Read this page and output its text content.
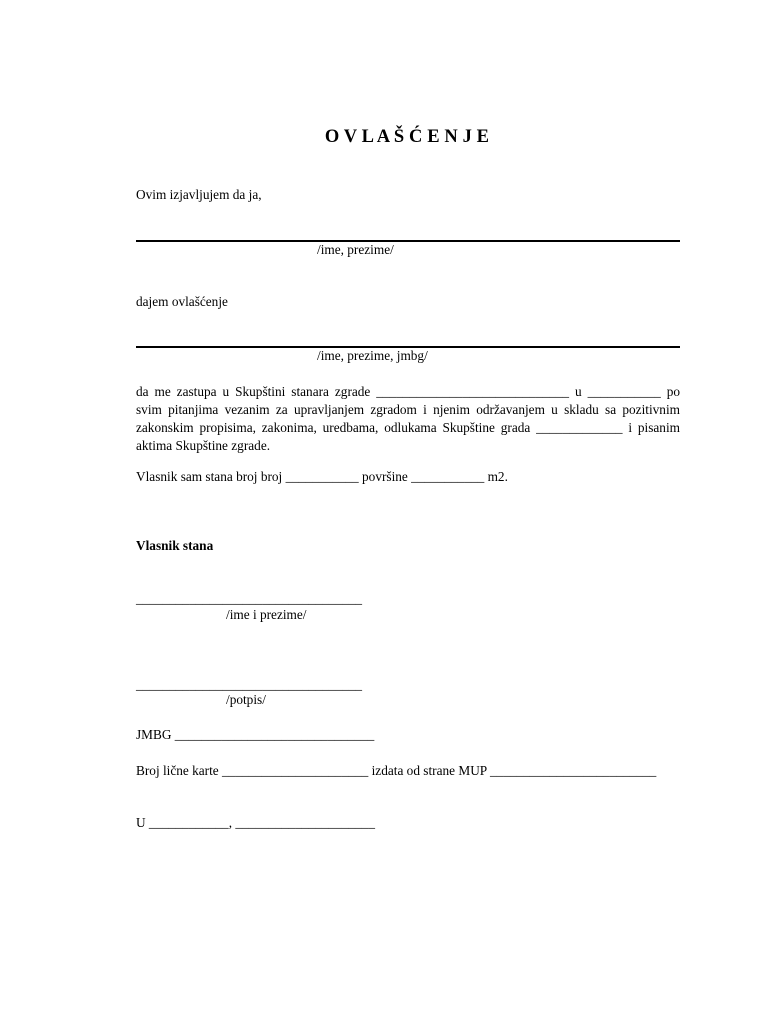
O V L A Š Ć E N J E
Ovim izjavljujem da ja,
/ime, prezime/
dajem ovlašćenje
/ime, prezime, jmbg/
da me zastupa u Skupštini stanara zgrade _____________________________ u ___________ po
svim pitanjima vezanim za upravljanjem zgradom i njenim održavanjem u skladu sa pozitivnim
zakonskim propisima, zakonima, uredbama, odlukama Skupštine grada _____________ i pisanim
aktima Skupštine zgrade.
Vlasnik sam stana broj broj ___________ površine ___________ m2.
Vlasnik stana
__________________________________
/ime i prezime/
__________________________________
/potpis/
JMBG ______________________________
Broj lične karte ______________________ izdata od strane MUP _________________________
U ____________, _____________________
